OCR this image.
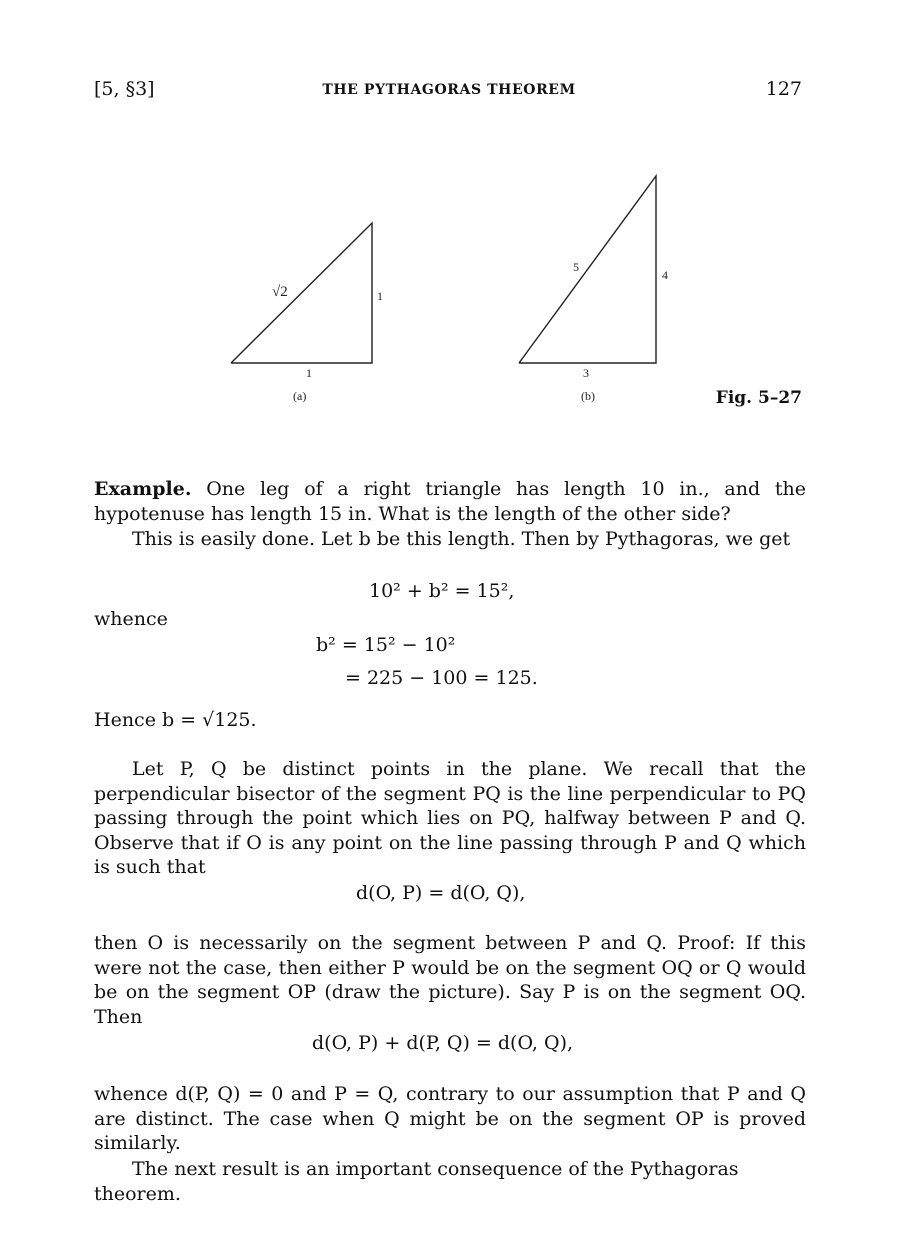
[5, §3]	THE PYTHAGORAS THEOREM	127
√2	1
1
(a)
5
4
3
(b)	Fig. 5–27
Example. One leg of a right triangle has length 10 in., and the hypotenuse has length 15 in. What is the length of the other side?
This is easily done. Let b be this length. Then by Pythagoras, we get
10² + b² = 15²,
whence
b² = 15² − 10²
= 225 − 100 = 125.
Hence b = √125.
Let P, Q be distinct points in the plane. We recall that the perpendicular bisector of the segment PQ is the line perpendicular to PQ passing through the point which lies on PQ, halfway between P and Q. Observe that if O is any point on the line passing through P and Q which is such that
d(O, P) = d(O, Q),
then O is necessarily on the segment between P and Q. Proof: If this were not the case, then either P would be on the segment OQ or Q would be on the segment OP (draw the picture). Say P is on the segment OQ. Then
d(O, P) + d(P, Q) = d(O, Q),
whence d(P, Q) = 0 and P = Q, contrary to our assumption that P and Q are distinct. The case when Q might be on the segment OP is proved similarly.
The next result is an important consequence of the Pythagoras theorem.
